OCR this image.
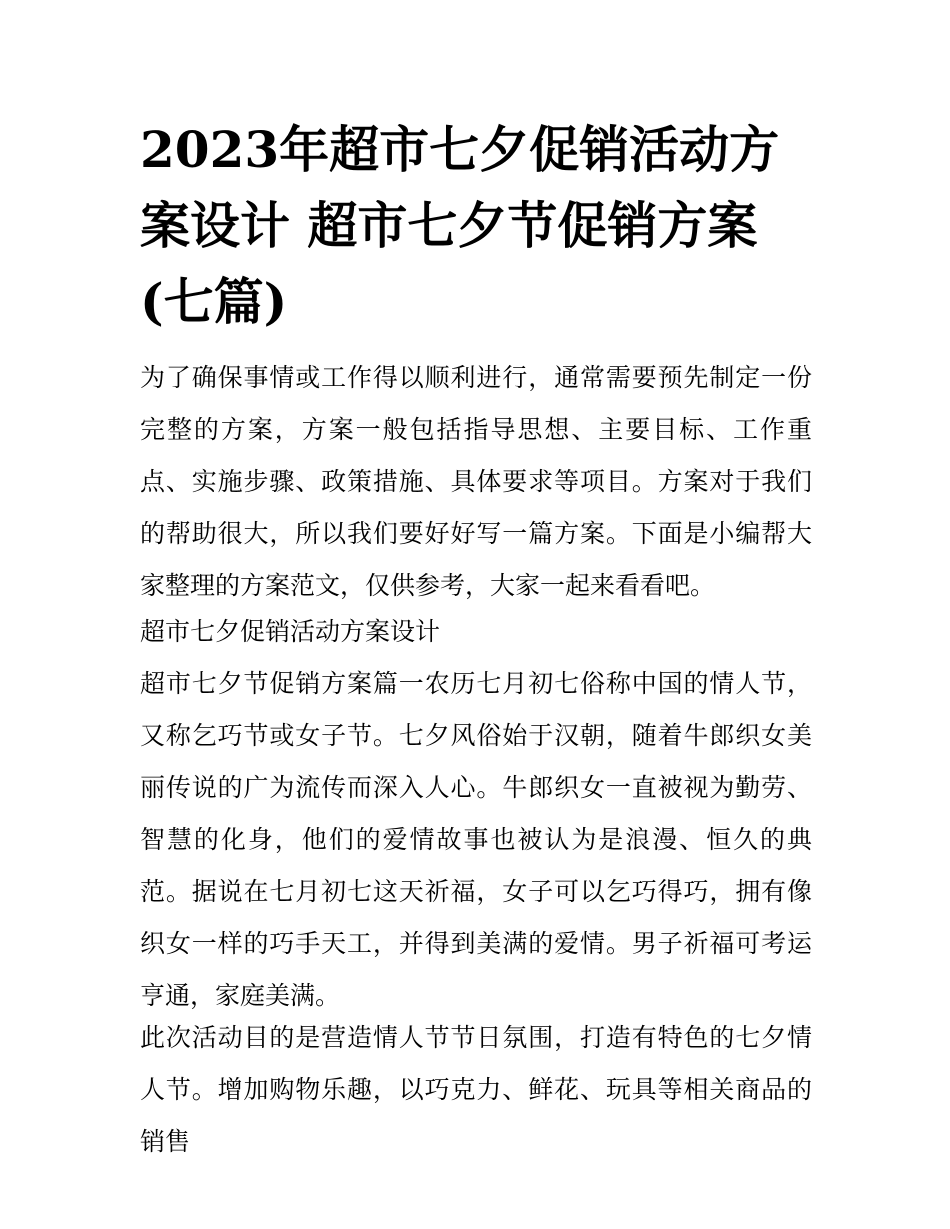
2023年超市七夕促销活动方案设计 超市七夕节促销方案(七篇)

为了确保事情或工作得以顺利进行，通常需要预先制定一份完整的方案，方案一般包括指导思想、主要目标、工作重点、实施步骤、政策措施、具体要求等项目。方案对于我们的帮助很大，所以我们要好好写一篇方案。下面是小编帮大家整理的方案范文，仅供参考，大家一起来看看吧。

超市七夕促销活动方案设计

超市七夕节促销方案篇一农历七月初七俗称中国的情人节，又称乞巧节或女子节。七夕风俗始于汉朝，随着牛郎织女美丽传说的广为流传而深入人心。牛郎织女一直被视为勤劳、智慧的化身，他们的爱情故事也被认为是浪漫、恒久的典范。据说在七月初七这天祈福，女子可以乞巧得巧，拥有像织女一样的巧手天工，并得到美满的爱情。男子祈福可考运亨通，家庭美满。

此次活动目的是营造情人节节日氛围，打造有特色的七夕情人节。增加购物乐趣，以巧克力、鲜花、玩具等相关商品的销售
